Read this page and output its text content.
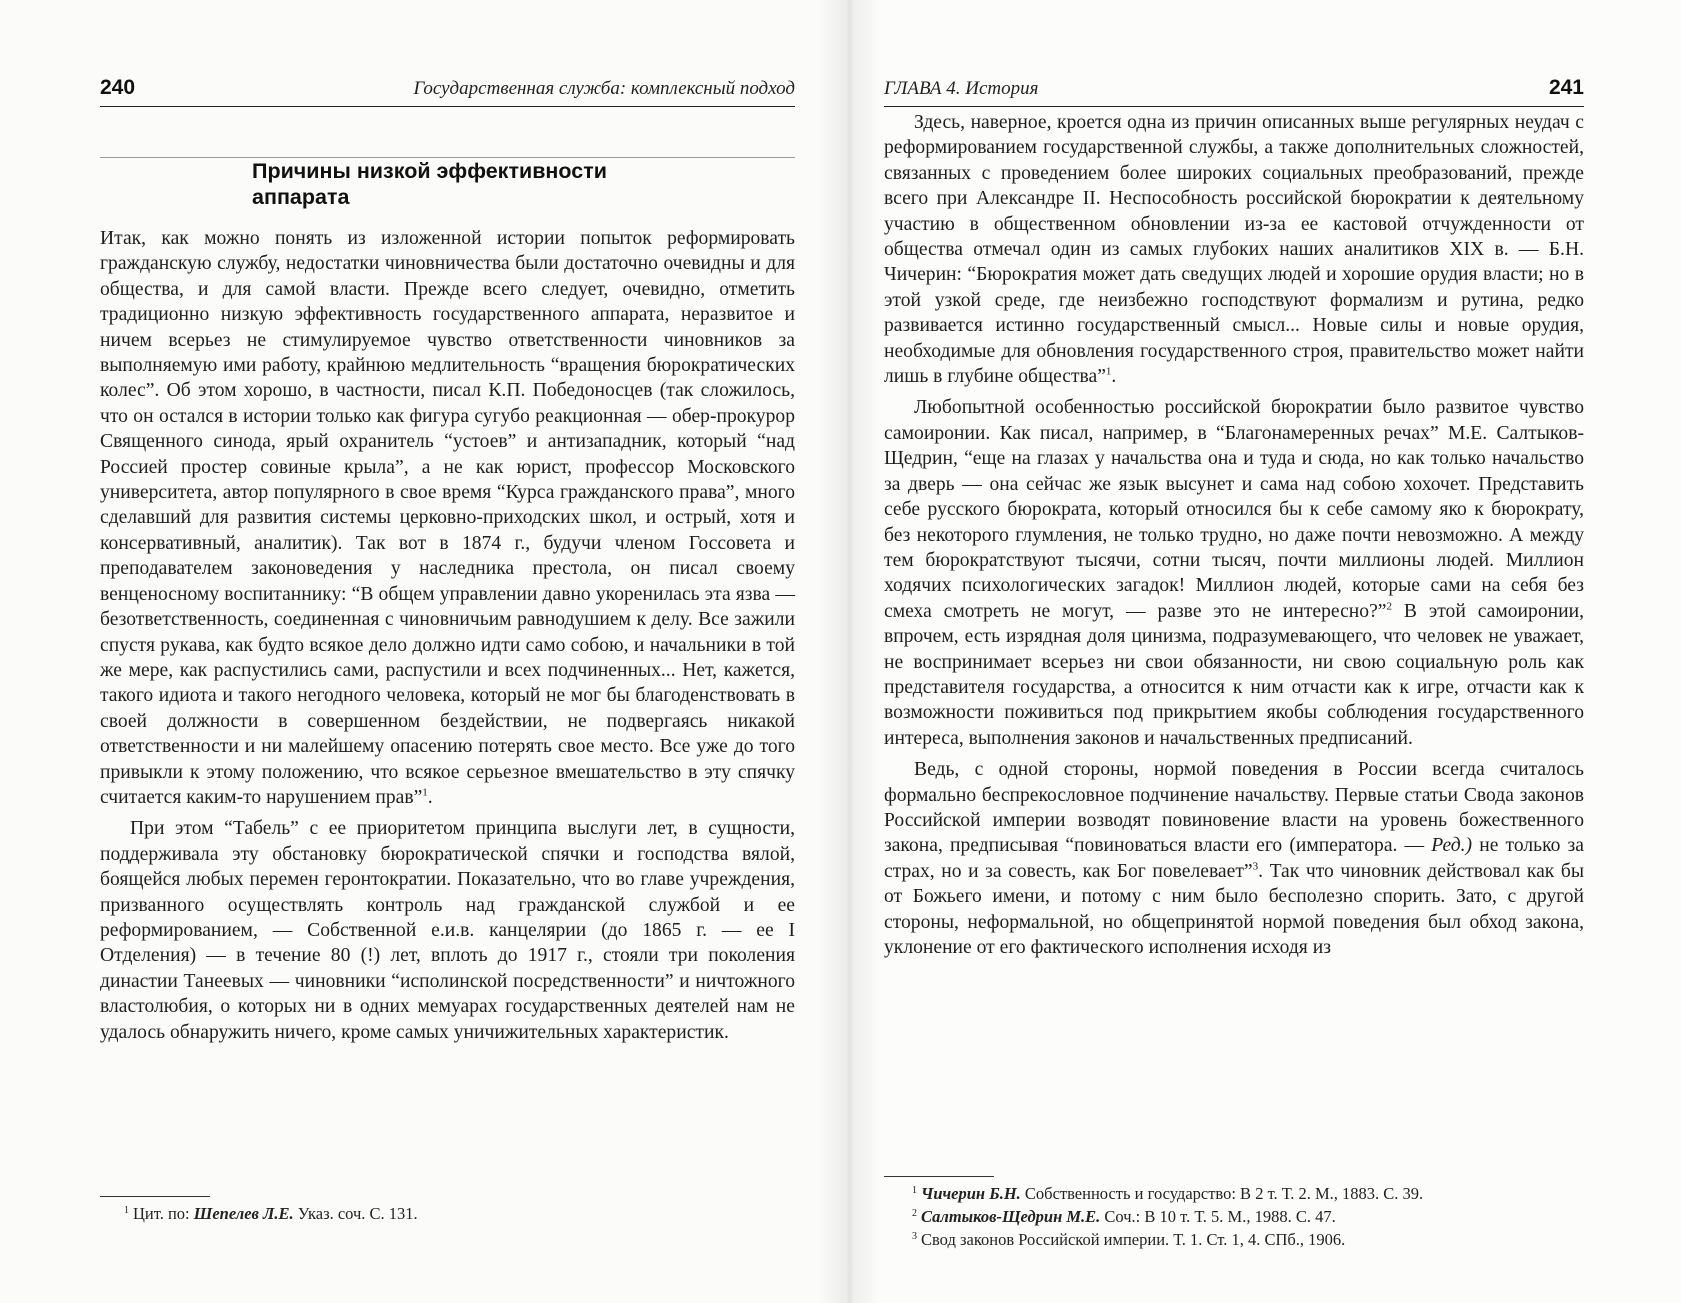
240	Государственная служба: комплексный подход
Причины низкой эффективности
аппарата

Итак, как можно понять из изложенной истории попыток реформировать гражданскую службу, недостатки чиновничества были достаточно очевидны и для общества, и для самой власти. Прежде всего следует, очевидно, отметить традиционно низкую эффективность государственного аппарата, неразвитое и ничем всерьез не стимулируемое чувство ответственности чиновников за выполняемую ими работу, крайнюю медлительность “вращения бюрократических колес”. Об этом хорошо, в частности, писал К.П. Победоносцев (так сложилось, что он остался в истории только как фигура сугубо реакционная — обер-прокурор Священного синода, ярый охранитель “устоев” и антизападник, который “над Россией простер совиные крыла”, а не как юрист, профессор Московского университета, автор популярного в свое время “Курса гражданского права”, много сделавший для развития системы церковно-приходских школ, и острый, хотя и консервативный, аналитик). Так вот в 1874 г., будучи членом Госсовета и преподавателем законоведения у наследника престола, он писал своему венценосному воспитаннику: “В общем управлении давно укоренилась эта язва — безответственность, соединенная с чиновничьим равнодушием к делу. Все зажили спустя рукава, как будто всякое дело должно идти само собою, и начальники в той же мере, как распустились сами, распустили и всех подчиненных... Нет, кажется, такого идиота и такого негодного человека, который не мог бы благоденствовать в своей должности в совершенном бездействии, не подвергаясь никакой ответственности и ни малейшему опасению потерять свое место. Все уже до того привыкли к этому положению, что всякое серьезное вмешательство в эту спячку считается каким-то нарушением прав”$^1$.

При этом “Табель” с ее приоритетом принципа выслуги лет, в сущности, поддерживала эту обстановку бюрократической спячки и господства вялой, боящейся любых перемен геронтократии. Показательно, что во главе учреждения, призванного осуществлять контроль над гражданской службой и ее реформированием, — Собственной е.и.в. канцелярии (до 1865 г. — ее I Отделения) — в течение 80 (!) лет, вплоть до 1917 г., стояли три поколения династии Танеевых — чиновники “исполинской посредственности” и ничтожного властолюбия, о которых ни в одних мемуарах государственных деятелей нам не удалось обнаружить ничего, кроме самых уничижительных характеристик.

$^1$ Цит. по: Шепелев Л.Е. Указ. соч. С. 131.
ГЛАВА 4. История	241

Здесь, наверное, кроется одна из причин описанных выше регулярных неудач с реформированием государственной службы, а также дополнительных сложностей, связанных с проведением более широких социальных преобразований, прежде всего при Александре II. Неспособность российской бюрократии к деятельному участию в общественном обновлении из-за ее кастовой отчужденности от общества отмечал один из самых глубоких наших аналитиков XIX в. — Б.Н. Чичерин: “Бюрократия может дать сведущих людей и хорошие орудия власти; но в этой узкой среде, где неизбежно господствуют формализм и рутина, редко развивается истинно государственный смысл... Новые силы и новые орудия, необходимые для обновления государственного строя, правительство может найти лишь в глубине общества”$^1$.

Любопытной особенностью российской бюрократии было развитое чувство самоиронии. Как писал, например, в “Благонамеренных речах” М.Е. Салтыков-Щедрин, “еще на глазах у начальства она и туда и сюда, но как только начальство за дверь — она сейчас же язык высунет и сама над собою хохочет. Представить себе русского бюрократа, который относился бы к себе самому яко к бюрократу, без некоторого глумления, не только трудно, но даже почти невозможно. А между тем бюрократствуют тысячи, сотни тысяч, почти миллионы людей. Миллион ходячих психологических загадок! Миллион людей, которые сами на себя без смеха смотреть не могут, — разве это не интересно?”$^2$ В этой самоиронии, впрочем, есть изрядная доля цинизма, подразумевающего, что человек не уважает, не воспринимает всерьез ни свои обязанности, ни свою социальную роль как представителя государства, а относится к ним отчасти как к игре, отчасти как к возможности поживиться под прикрытием якобы соблюдения государственного интереса, выполнения законов и начальственных предписаний.

Ведь, с одной стороны, нормой поведения в России всегда считалось формально беспрекословное подчинение начальству. Первые статьи Свода законов Российской империи возводят повиновение власти на уровень божественного закона, предписывая “повиноваться власти его (императора. — Ред.) не только за страх, но и за совесть, как Бог повелевает”$^3$. Так что чиновник действовал как бы от Божьего имени, и потому с ним было бесполезно спорить. Зато, с другой стороны, неформальной, но общепринятой нормой поведения был обход закона, уклонение от его фактического исполнения исходя из

$^1$ Чичерин Б.Н. Собственность и государство: В 2 т. Т. 2. М., 1883. С. 39.
$^2$ Салтыков-Щедрин М.Е. Соч.: В 10 т. Т. 5. М., 1988. С. 47.
$^3$ Свод законов Российской империи. Т. 1. Ст. 1, 4. СПб., 1906.
